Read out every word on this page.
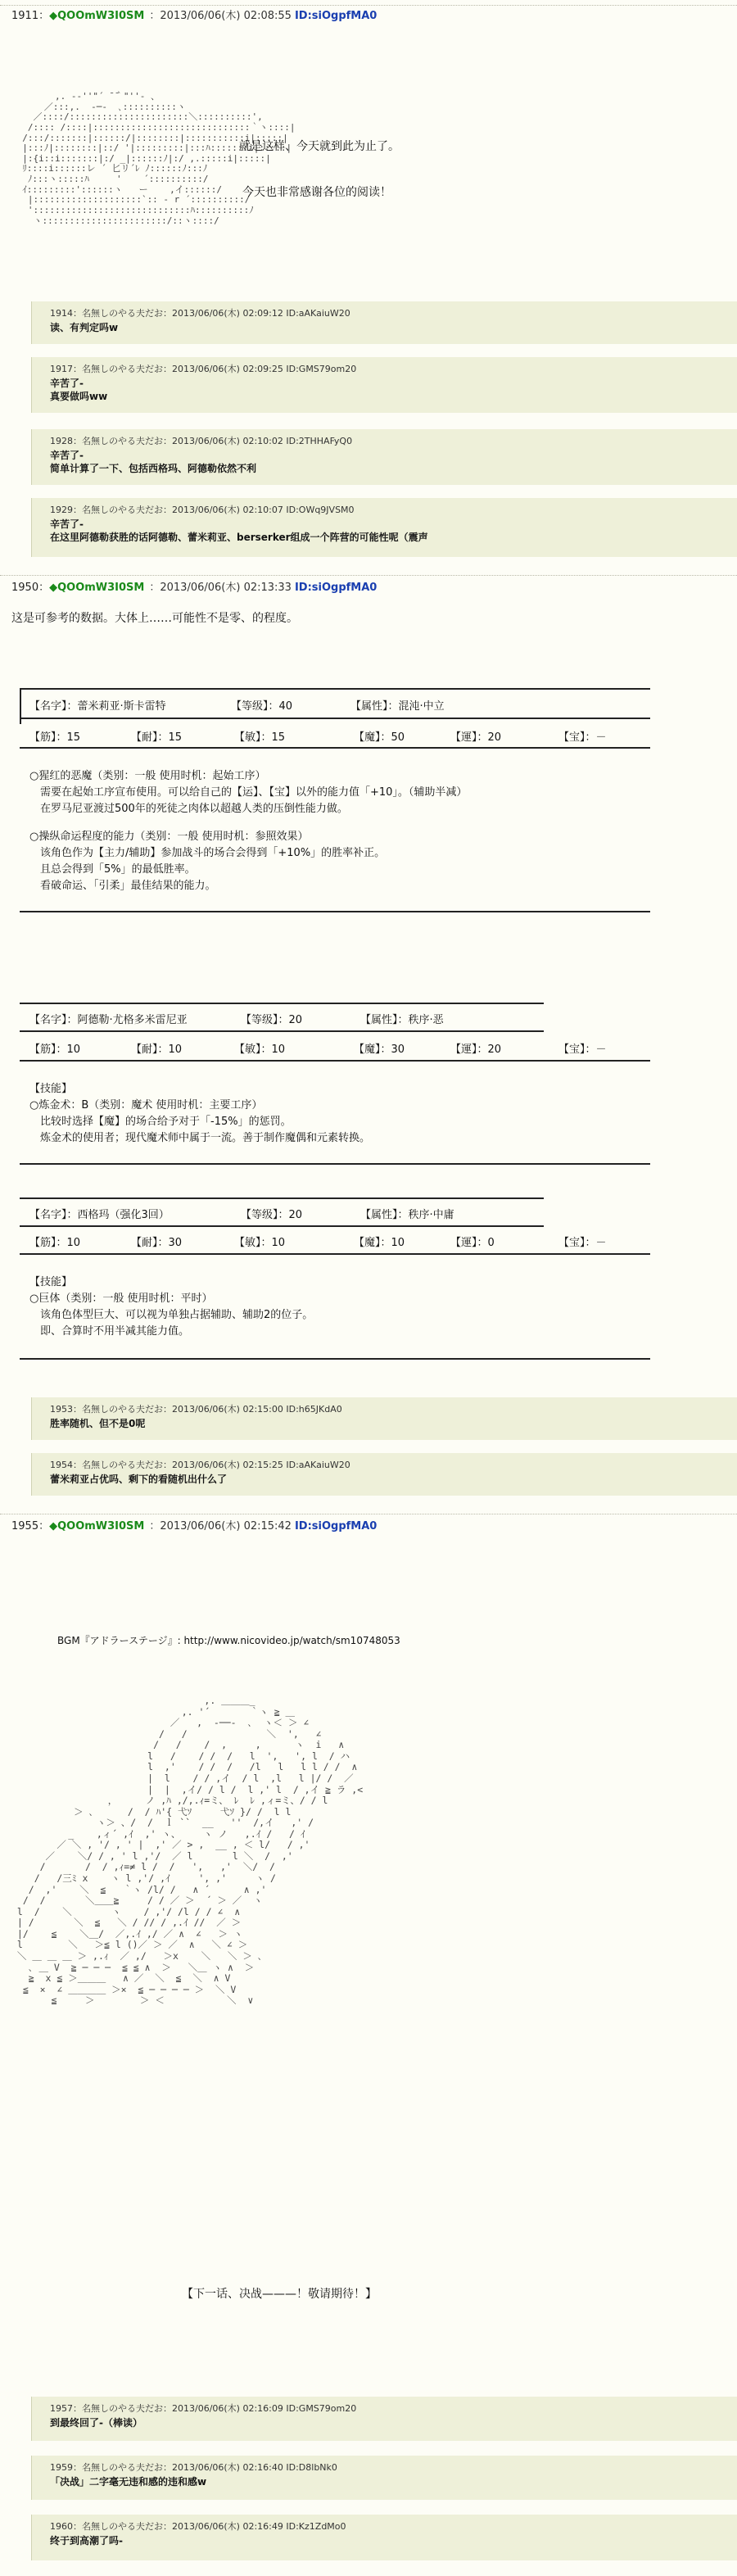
1911：◆QOOmW3I0SM ：2013/06/06(木) 02:08:55 ID:siOgpfMA0
,. -‐''"´ ̄ ̄｀"''‐ 、
／:::,.  -─-  ､::::::::::ヽ
／::::/::::::::::::::::::::::＼::::::::::',
/:::: /::::|:::::::::::::::::::::::::::::｀ヽ::::|
/:::/:::::::|::::::/|::::::::|:::::::::::i|:::::|
|:::ﾉ|::::::::|::/ '|:::::::::|:::ﾊ:::::::i|:::::|
|:{i::i:::::::|:/ _|::::::ﾉ|:/ ,.:::::i|:::::|
ﾘ::::i::::::レ ´ 匕リ´ﾚ ﾉ::::::ﾉ:::ﾉ
ﾉ:::ヽ:::::ﾊ     '    ´::::::::::/
ｲ:::::::::'::::::ヽ   ー    ,イ::::::/
|::::::::::::::::::::`:: ‐ r ´::::::::::/
':::::::::::::::::::::::::::::ﾊ::::::::::ﾉ
ヽ:::::::::::::::::::::::/::ヽ::::/
就是这样、今天就到此为止了。
今天也非常感谢各位的阅读！
1914：名無しのやる夫だお：2013/06/06(木) 02:09:12 ID:aAKaiuW20
读、有判定吗w
1917：名無しのやる夫だお：2013/06/06(木) 02:09:25 ID:GMS79om20
辛苦了-
真要做吗ww
1928：名無しのやる夫だお：2013/06/06(木) 02:10:02 ID:2THHAFyQ0
辛苦了-
简单计算了一下、包括西格玛、阿德勒依然不利
1929：名無しのやる夫だお：2013/06/06(木) 02:10:07 ID:OWq9JVSM0
辛苦了-
在这里阿德勒获胜的话阿德勒、蕾米莉亚、berserker组成一个阵营的可能性呢（震声
1950：◆QOOmW3I0SM ：2013/06/06(木) 02:13:33 ID:siOgpfMA0
这是可参考的数据。大体上……可能性不是零、的程度。
【名字】：蕾米莉亚·斯卡雷特	【等级】：40	【属性】：混沌·中立
【筋】：15	【耐】：15	【敏】：15	【魔】：50	【運】：20	【宝】：－
○猩红的恶魔（类别：一般 使用时机：起始工序）
　需要在起始工序宣布使用。可以给自己的【运】、【宝】以外的能力值「+10」。（辅助半减）
　在罗马尼亚渡过500年的死徒之肉体以超越人类的压倒性能力做。
○操纵命运程度的能力（类别：一般 使用时机：参照效果）
　该角色作为【主力/辅助】参加战斗的场合会得到「+10%」的胜率补正。
　且总会得到「5%」的最低胜率。
　看破命运、「引柔」最佳结果的能力。
【名字】：阿德勒·尤格多米雷尼亚	【等级】：20	【属性】：秩序·恶
【筋】：10	【耐】：10	【敏】：10	【魔】：30	【運】：20	【宝】：－
【技能】
○炼金术：B（类别：魔术 使用时机：主要工序）
　比较时选择【魔】的场合给予对于「-15%」的惩罚。
　炼金术的使用者；现代魔术师中属于一流。善于制作魔偶和元素转换。
【名字】：西格玛（强化3回）	【等级】：20	【属性】：秩序·中庸
【筋】：10	【耐】：30	【敏】：10	【魔】：10	【運】：0	【宝】：－
【技能】
○巨体（类别：一般 使用时机：平时）
　该角色体型巨大、可以视为单独占据辅助、辅助2的位子。
　即、合算时不用半减其能力值。
1953：名無しのやる夫だお：2013/06/06(木) 02:15:00 ID:h65JKdA0
胜率随机、但不是0呢
1954：名無しのやる夫だお：2013/06/06(木) 02:15:25 ID:aAKaiuW20
蕾米莉亚占优吗、剩下的看随机出什么了
1955：◆QOOmW3I0SM ：2013/06/06(木) 02:15:42 ID:siOgpfMA0
BGM『アドラーステージ』: http://www.nicovideo.jp/watch/sm10748053
,. ＿＿＿_
,. '´       ｀ヽ ≧ ＿
／   ,  ‐──‐  ､  ヽ＜ ＞ ∠
/   /              ＼  ',   ∠
/   /    /  ,     ,      ヽ  i   ∧
l   /    / /  /   l  ',   ', l  / ハ
l  ,'    / /  /   /l   l   l l / /  ∧
|  l    / / ,イ  / l  ,l   l |/ /  ／
|  |  ,イ/ / l /  l ,' l  / ,イ ≧ ラ ,<
，     ノ ,ﾊ ,/,.ｨ=ミ、 ﾚ  ﾚ ,ィ=ミ、/ / l
＞ ､      /  / ﾊ'{ 弋ｿ     弋ｿ }/ /  l l
ヽ＞ 、/  /  ｌ ``  __   ''  /,イ   ,' /
_    ,ィ´ ,ｲ  ,' ヽ、    ヽ ノ   ,.ｲ /   / ｲ
／ ＼ , '/ , ' |  ,' ／ > ,  __ , ＜ l/   / ,'
／    ＼/ / , ' l ,'/  ／ l       l ＼  /  ,'
/       /  / ,ｨ=≠ l /  /   ',   ,'  ＼/  /
/   /三ﾐ x    ヽ l ,'/ ,ｲ     ', ,'     ヽ /
/  ,'    ＼  ≦   ｀ヽ /l/ /   ∧ ´      ∧ ,'
/  /       ＼＿＿≧     / / ／ ＞  ´ ＞ ／  ヽ
l  /    ＼       ヽ    / ,'/ /l / / ∠  ∧
| /       ＼  ≦   ＼ / // / ,.ｲ //  ／ ＞
|/    ≦    ＼＿/  ／,.ｲ ,/ ／ ∧  ∠   ＞ ヽ
l        ＼   ＞≦ l ()／ ＞ ／  ∧   ＼ ∠ ＞
＼ ＿ ＿ ＿ ＞ ,.ｨ  ／ ,/   ＞x    ＼   ＼ ＞ ､
､ ＿ V  ≧ ─ ─ ─  ≦ ≦ ∧  ＞   ＼＿ ヽ ∧  ＞
≧  x ≦ ＞＿＿＿   ∧ ／  ＼  ≦  ＼  ∧ V
≦  ×  ∠ ＿＿＿＿ ＞×  ≦ ─ ─ ─ ─ ＞  ＼ V
≦     ＞        ＞ ＜           ＼  ∨
【下一话、决战———！敬请期待！】
1957：名無しのやる夫だお：2013/06/06(木) 02:16:09 ID:GMS79om20
到最终回了-（棒读）
1959：名無しのやる夫だお：2013/06/06(木) 02:16:40 ID:D8lbNk0
「决战」二字毫无违和感的违和感w
1960：名無しのやる夫だお：2013/06/06(木) 02:16:49 ID:Kz1ZdMo0
终于到高潮了吗-
